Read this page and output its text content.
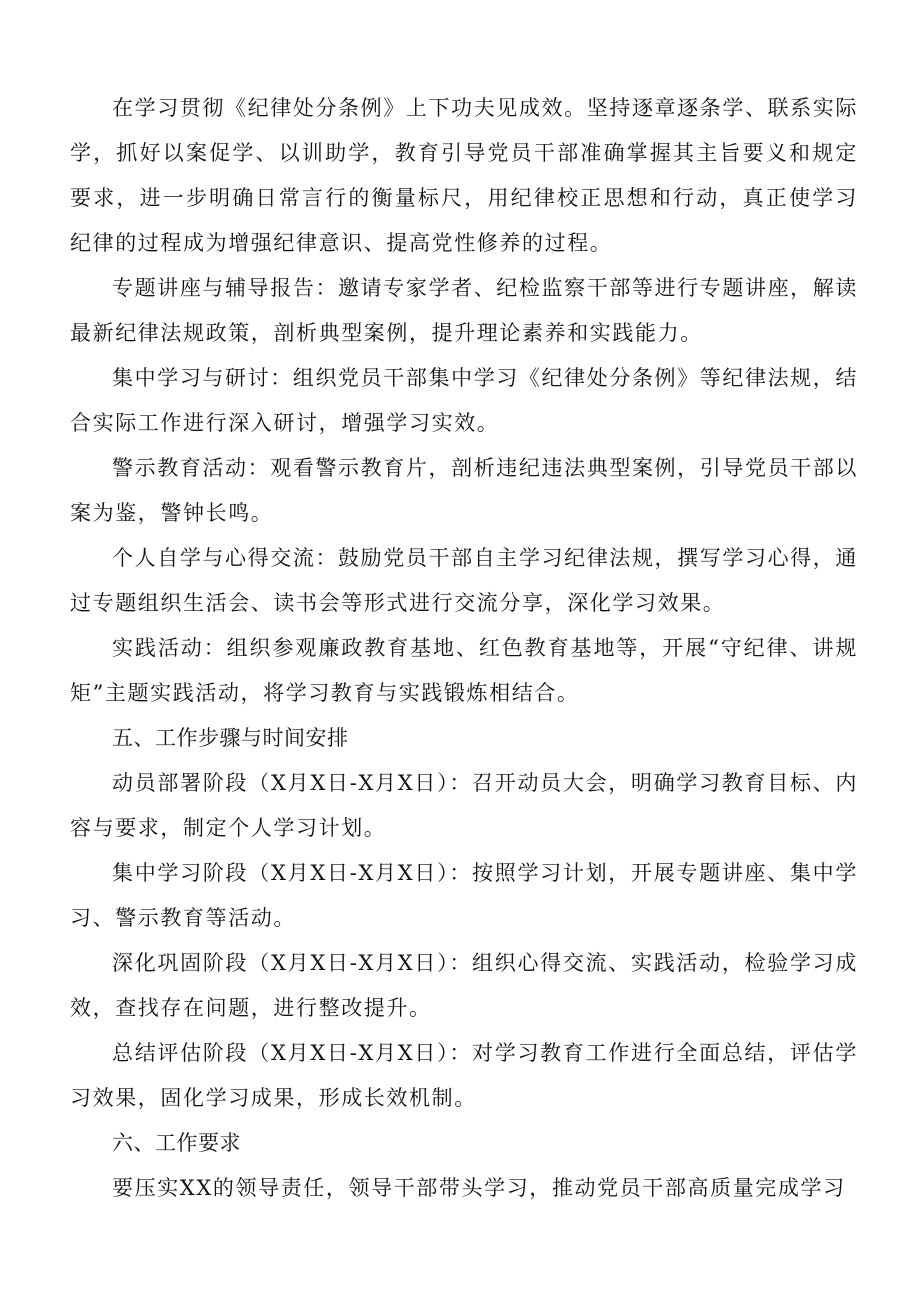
在学习贯彻《纪律处分条例》上下功夫见成效。坚持逐章逐条学、联系实际学，抓好以案促学、以训助学，教育引导党员干部准确掌握其主旨要义和规定要求，进一步明确日常言行的衡量标尺，用纪律校正思想和行动，真正使学习纪律的过程成为增强纪律意识、提高党性修养的过程。

专题讲座与辅导报告：邀请专家学者、纪检监察干部等进行专题讲座，解读最新纪律法规政策，剖析典型案例，提升理论素养和实践能力。

集中学习与研讨：组织党员干部集中学习《纪律处分条例》等纪律法规，结合实际工作进行深入研讨，增强学习实效。

警示教育活动：观看警示教育片，剖析违纪违法典型案例，引导党员干部以案为鉴，警钟长鸣。

个人自学与心得交流：鼓励党员干部自主学习纪律法规，撰写学习心得，通过专题组织生活会、读书会等形式进行交流分享，深化学习效果。

实践活动：组织参观廉政教育基地、红色教育基地等，开展“守纪律、讲规矩”主题实践活动，将学习教育与实践锻炼相结合。

五、工作步骤与时间安排

动员部署阶段（X月X日-X月X日）：召开动员大会，明确学习教育目标、内容与要求，制定个人学习计划。

集中学习阶段（X月X日-X月X日）：按照学习计划，开展专题讲座、集中学习、警示教育等活动。

深化巩固阶段（X月X日-X月X日）：组织心得交流、实践活动，检验学习成效，查找存在问题，进行整改提升。

总结评估阶段（X月X日-X月X日）：对学习教育工作进行全面总结，评估学习效果，固化学习成果，形成长效机制。

六、工作要求

要压实XX的领导责任，领导干部带头学习，推动党员干部高质量完成学习
